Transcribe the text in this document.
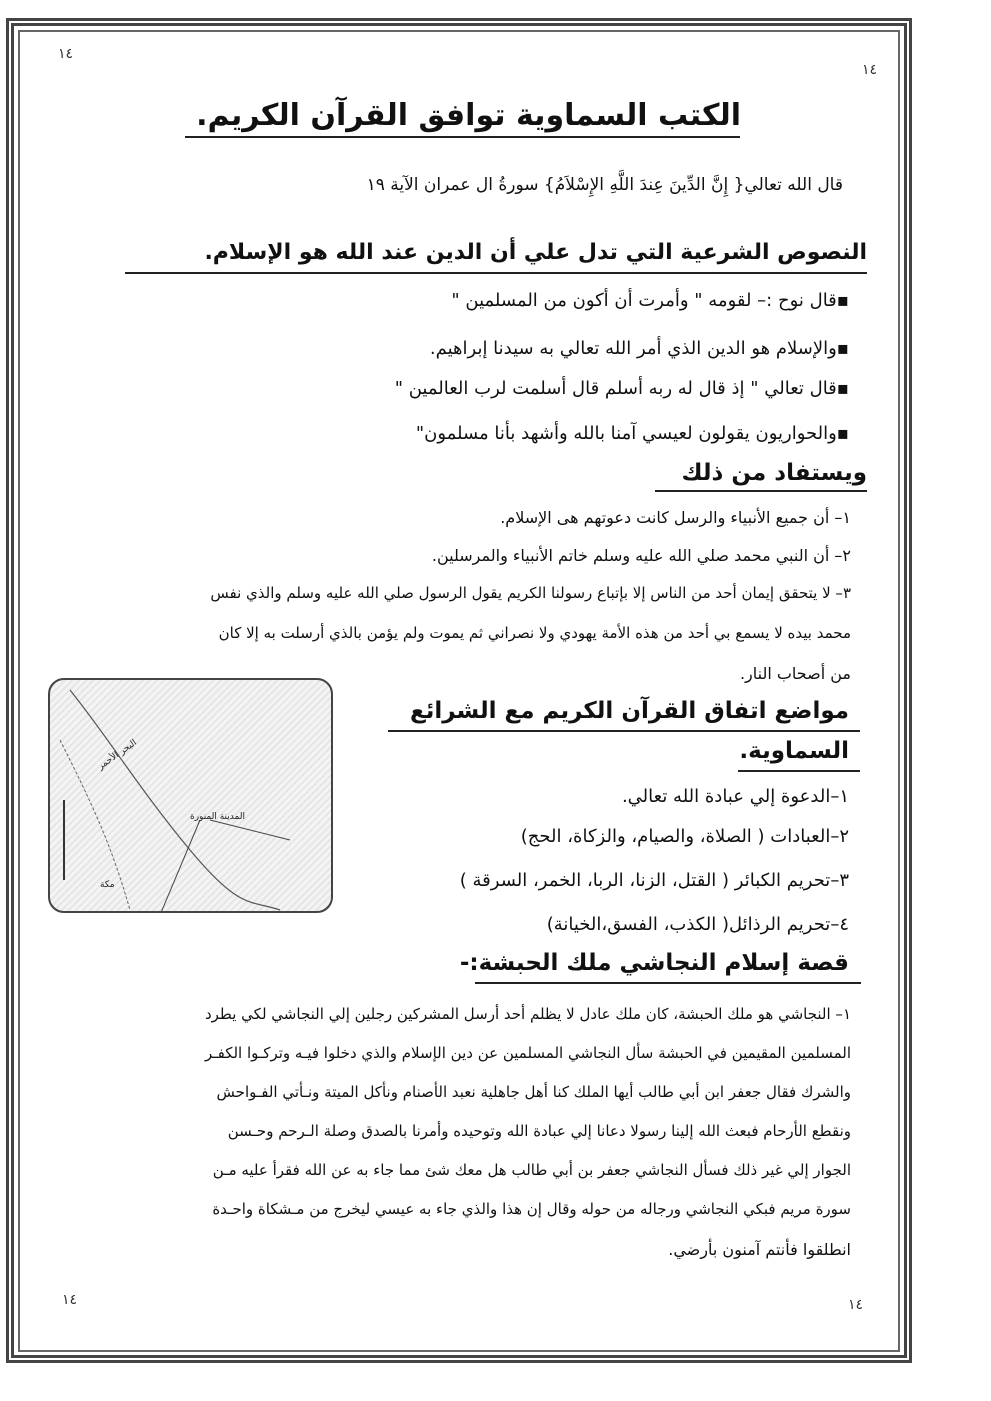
١٤
١٤
١٤	١٤
الكتب السماوية توافق القرآن الكريم.
قال الله تعالي{ إِنَّ الدِّينَ عِندَ اللَّهِ الإِسْلاَمُ} سورةُ ال عمران الآية ١٩
النصوص الشرعية التي تدل علي أن الدين عند الله هو الإسلام.
▪قال نوح :– لقومه " وأمرت أن أكون من المسلمين "
▪والإسلام هو الدين الذي أمر الله تعالي به سيدنا إبراهيم.
▪قال تعالي " إذ قال له ربه أسلم قال أسلمت لرب العالمين "
▪والحواريون يقولون لعيسي آمنا بالله وأشهد بأنا مسلمون"
ويستفاد من ذلك
١– أن جميع الأنبياء والرسل كانت دعوتهم هى الإسلام.
٢– أن النبي محمد صلي الله عليه وسلم خاتم الأنبياء والمرسلين.
٣– لا يتحقق إيمان أحد من الناس إلا بإتباع رسولنا الكريم يقول الرسول صلي الله عليه وسلم والذي نفس
محمد بيده لا يسمع بي أحد من هذه الأمة يهودي ولا نصراني ثم يموت ولم يؤمن بالذي أرسلت به إلا كان
من أصحاب النار.
المدينة المنورة
البحر الأحمر
مكة
مواضع اتفاق القرآن الكريم مع الشرائع
السماوية.
١–الدعوة إلي عبادة الله تعالي.
٢–العبادات ( الصلاة، والصيام، والزكاة، الحج)
٣–تحريم الكبائر ( القتل، الزنا، الربا، الخمر، السرقة )
٤–تحريم الرذائل( الكذب، الفسق،الخيانة)
قصة إسلام النجاشي ملك الحبشة:-
١– النجاشي هو ملك الحبشة، كان ملك عادل لا يظلم أحد أرسل المشركين رجلين إلي النجاشي لكي يطرد
المسلمين المقيمين في الحبشة سأل النجاشي المسلمين عن دين الإسلام والذي دخلوا فيـه وتركـوا الكفـر
والشرك فقال جعفر ابن أبي طالب أيها الملك كنا أهل جاهلية نعبد الأصنام ونأكل الميتة ونـأتي الفـواحش
ونقطع الأرحام فبعث الله إلينا رسولا دعانا إلي عبادة الله وتوحيده وأمرنا بالصدق وصلة الـرحم وحـسن
الجوار إلي غير ذلك فسأل النجاشي جعفر بن أبي طالب هل معك شئ مما جاء به عن الله فقرأ عليه مـن
سورة مريم فبكي النجاشي ورجاله من حوله وقال إن هذا والذي جاء به عيسي ليخرج من مـشكاة واحـدة
انطلقوا فأنتم آمنون بأرضي.
